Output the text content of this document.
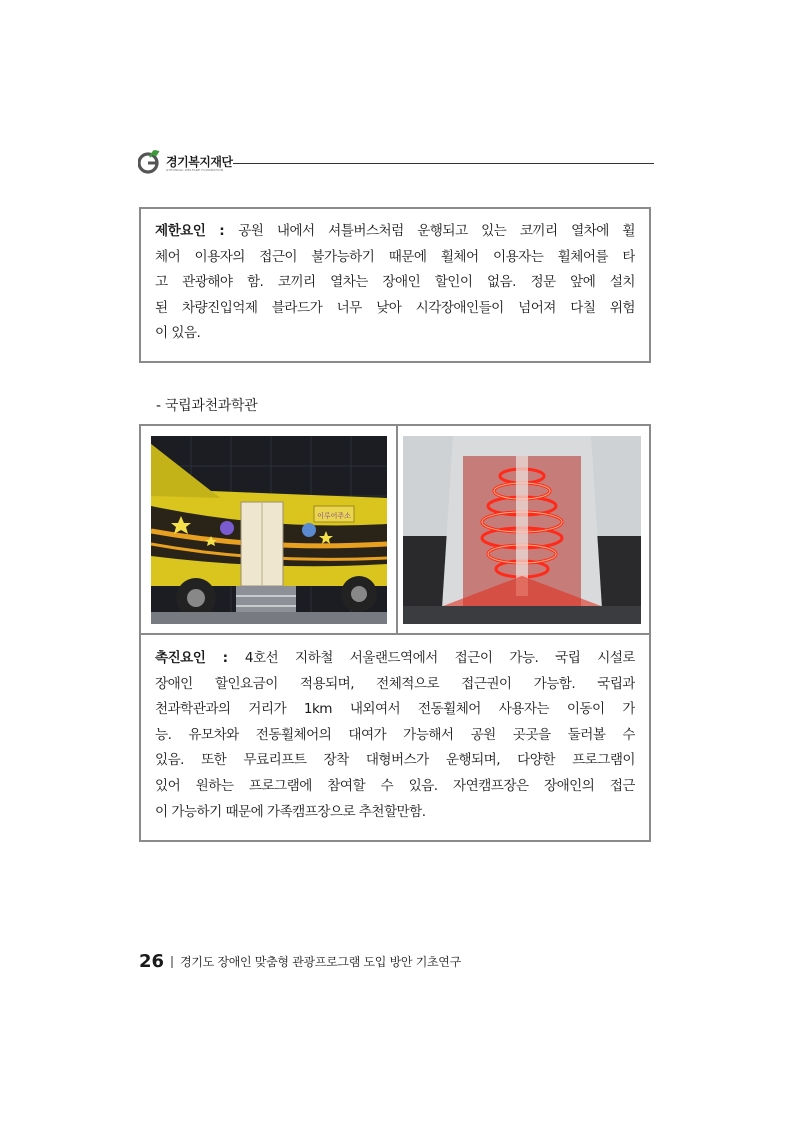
경기복지재단
GYEONGGI WELFARE FOUNDATION
제한요인 : 공원 내에서 셔틀버스처럼 운행되고 있는 코끼리 열차에 휠
체어 이용자의 접근이 불가능하기 때문에 휠체어 이용자는 휠체어를 타
고 관광해야 함. 코끼리 열차는 장애인 할인이 없음. 정문 앞에 설치
된 차량진입억제 블라드가 너무 낮아 시각장애인들이 넘어져 다칠 위험
이 있음.
- 국립과천과학관
이루어주소
촉진요인 : 4호선 지하철 서울랜드역에서 접근이 가능. 국립 시설로
장애인 할인요금이 적용되며, 전체적으로 접근권이 가능함. 국립과
천과학관과의 거리가 1km 내외여서 전동휠체어 사용자는 이동이 가
능. 유모차와 전동휠체어의 대여가 가능해서 공원 곳곳을 둘러볼 수
있음. 또한 무료리프트 장착 대형버스가 운행되며, 다양한 프로그램이
있어 원하는 프로그램에 참여할 수 있음. 자연캠프장은 장애인의 접근
이 가능하기 때문에 가족캠프장으로 추천할만함.
26 경기도 장애인 맞춤형 관광프로그램 도입 방안 기초연구
